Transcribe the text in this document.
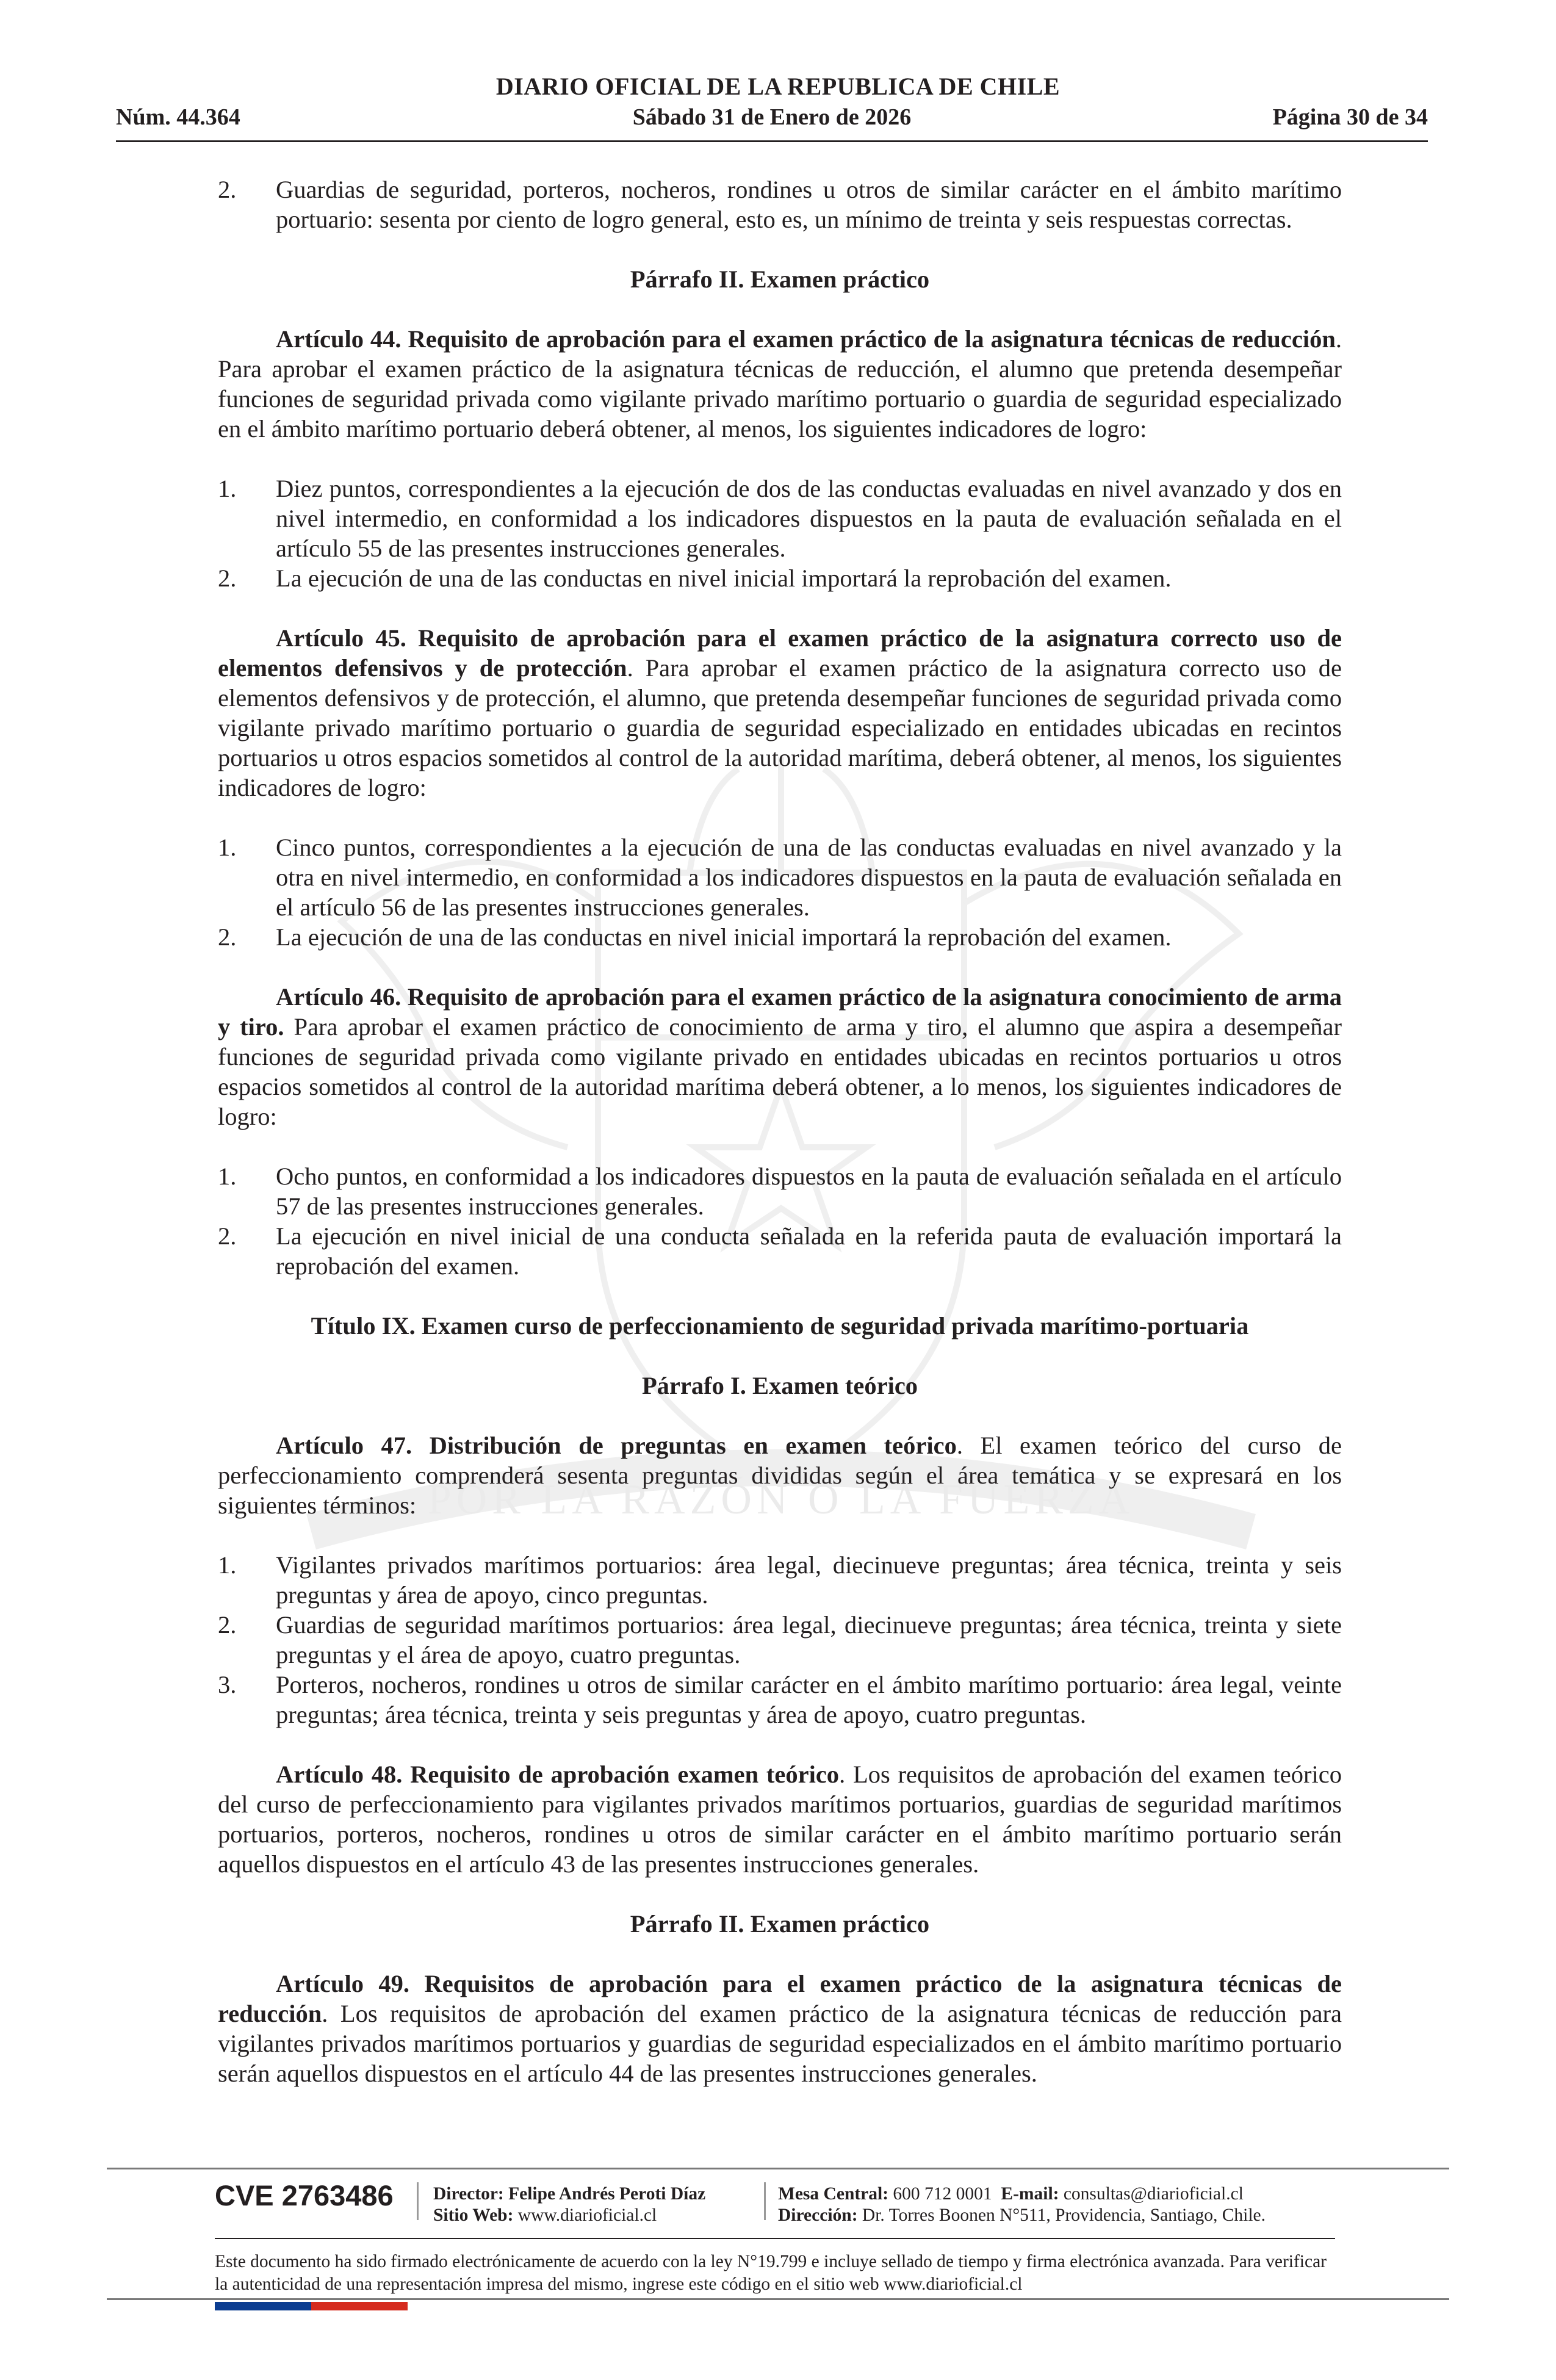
POR LA RAZÓN O LA FUERZA
DIARIO OFICIAL DE LA REPUBLICA DE CHILE
Sábado 31 de Enero de 2026
Núm. 44.364	Página 30 de 34
2. Guardias de seguridad, porteros, nocheros, rondines u otros de similar carácter en el ámbito marítimo portuario: sesenta por ciento de logro general, esto es, un mínimo de treinta y seis respuestas correctas.

Párrafo II. Examen práctico

Artículo 44. Requisito de aprobación para el examen práctico de la asignatura técnicas de reducción. Para aprobar el examen práctico de la asignatura técnicas de reducción, el alumno que pretenda desempeñar funciones de seguridad privada como vigilante privado marítimo portuario o guardia de seguridad especializado en el ámbito marítimo portuario deberá obtener, al menos, los siguientes indicadores de logro:

1. Diez puntos, correspondientes a la ejecución de dos de las conductas evaluadas en nivel avanzado y dos en nivel intermedio, en conformidad a los indicadores dispuestos en la pauta de evaluación señalada en el artículo 55 de las presentes instrucciones generales.
2. La ejecución de una de las conductas en nivel inicial importará la reprobación del examen.

Artículo 45. Requisito de aprobación para el examen práctico de la asignatura correcto uso de elementos defensivos y de protección. Para aprobar el examen práctico de la asignatura correcto uso de elementos defensivos y de protección, el alumno, que pretenda desempeñar funciones de seguridad privada como vigilante privado marítimo portuario o guardia de seguridad especializado en entidades ubicadas en recintos portuarios u otros espacios sometidos al control de la autoridad marítima, deberá obtener, al menos, los siguientes indicadores de logro:

1. Cinco puntos, correspondientes a la ejecución de una de las conductas evaluadas en nivel avanzado y la otra en nivel intermedio, en conformidad a los indicadores dispuestos en la pauta de evaluación señalada en el artículo 56 de las presentes instrucciones generales.
2. La ejecución de una de las conductas en nivel inicial importará la reprobación del examen.

Artículo 46. Requisito de aprobación para el examen práctico de la asignatura conocimiento de arma y tiro. Para aprobar el examen práctico de conocimiento de arma y tiro, el alumno que aspira a desempeñar funciones de seguridad privada como vigilante privado en entidades ubicadas en recintos portuarios u otros espacios sometidos al control de la autoridad marítima deberá obtener, a lo menos, los siguientes indicadores de logro:

1. Ocho puntos, en conformidad a los indicadores dispuestos en la pauta de evaluación señalada en el artículo 57 de las presentes instrucciones generales.
2. La ejecución en nivel inicial de una conducta señalada en la referida pauta de evaluación importará la reprobación del examen.

Título IX. Examen curso de perfeccionamiento de seguridad privada marítimo-portuaria

Párrafo I. Examen teórico

Artículo 47. Distribución de preguntas en examen teórico. El examen teórico del curso de perfeccionamiento comprenderá sesenta preguntas divididas según el área temática y se expresará en los siguientes términos:

1. Vigilantes privados marítimos portuarios: área legal, diecinueve preguntas; área técnica, treinta y seis preguntas y área de apoyo, cinco preguntas.
2. Guardias de seguridad marítimos portuarios: área legal, diecinueve preguntas; área técnica, treinta y siete preguntas y el área de apoyo, cuatro preguntas.
3. Porteros, nocheros, rondines u otros de similar carácter en el ámbito marítimo portuario: área legal, veinte preguntas; área técnica, treinta y seis preguntas y área de apoyo, cuatro preguntas.

Artículo 48. Requisito de aprobación examen teórico. Los requisitos de aprobación del examen teórico del curso de perfeccionamiento para vigilantes privados marítimos portuarios, guardias de seguridad marítimos portuarios, porteros, nocheros, rondines u otros de similar carácter en el ámbito marítimo portuario serán aquellos dispuestos en el artículo 43 de las presentes instrucciones generales.

Párrafo II. Examen práctico

Artículo 49. Requisitos de aprobación para el examen práctico de la asignatura técnicas de reducción. Los requisitos de aprobación del examen práctico de la asignatura técnicas de reducción para vigilantes privados marítimos portuarios y guardias de seguridad especializados en el ámbito marítimo portuario serán aquellos dispuestos en el artículo 44 de las presentes instrucciones generales.

CVE 2763486 Director: Felipe Andrés Peroti Díaz
Sitio Web: www.diarioficial.cl
Mesa Central: 600 712 0001 E-mail: consultas@diarioficial.cl
Dirección: Dr. Torres Boonen N°511, Providencia, Santiago, Chile.
Este documento ha sido firmado electrónicamente de acuerdo con la ley N°19.799 e incluye sellado de tiempo y firma electrónica avanzada. Para verificar la autenticidad de una representación impresa del mismo, ingrese este código en el sitio web www.diarioficial.cl
